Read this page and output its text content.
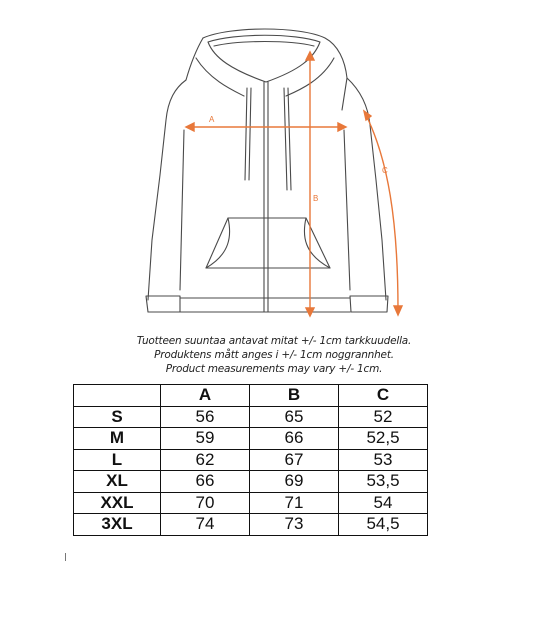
A
B
C
Tuotteen suuntaa antavat mitat +/- 1cm tarkkuudella.
Produktens mått anges i +/- 1cm noggrannhet.
Product measurements may vary +/- 1cm.
	A	B	C
S	56	65	52
M	59	66	52,5
L	62	67	53
XL	66	69	53,5
XXL	70	71	54
3XL	74	73	54,5
